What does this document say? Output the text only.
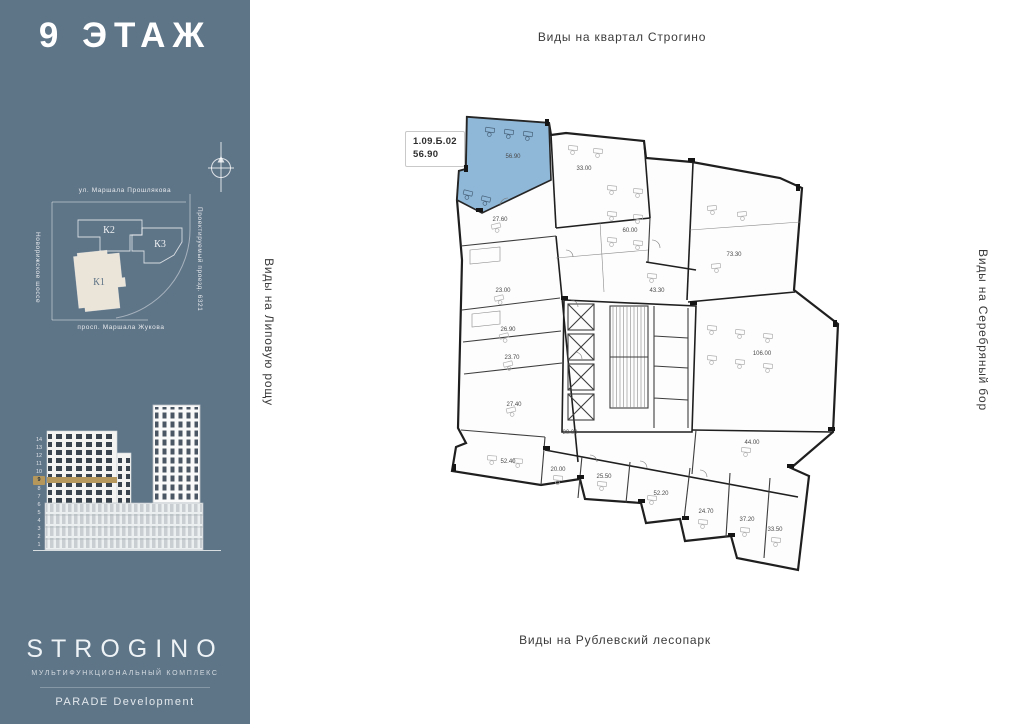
9 ЭТАЖ
К2
К3
К1
ул. Маршала Прошлякова
Новорижское шоссе	Проектируемый проезд. 6321
просп. Маршала Жукова
14
13
12
11
10
9
8
7
6
5
4
3
2
1
STROGINO
МУЛЬТИФУНКЦИОНАЛЬНЫЙ КОМПЛЕКС
PARADE Development
Виды на квартал Строгино
Виды на Липовую рощу	Виды на Серебряный бор
Виды на Рублевский лесопарк
1.09.Б.02
56.90	56.90
33.00
27.60
60.00
73.30
43.30
23.00
26.90
23.70
27.40
52.40
80.00
106.00
44.00
20.00
25.50
52.20
24.70
37.20
33.50
